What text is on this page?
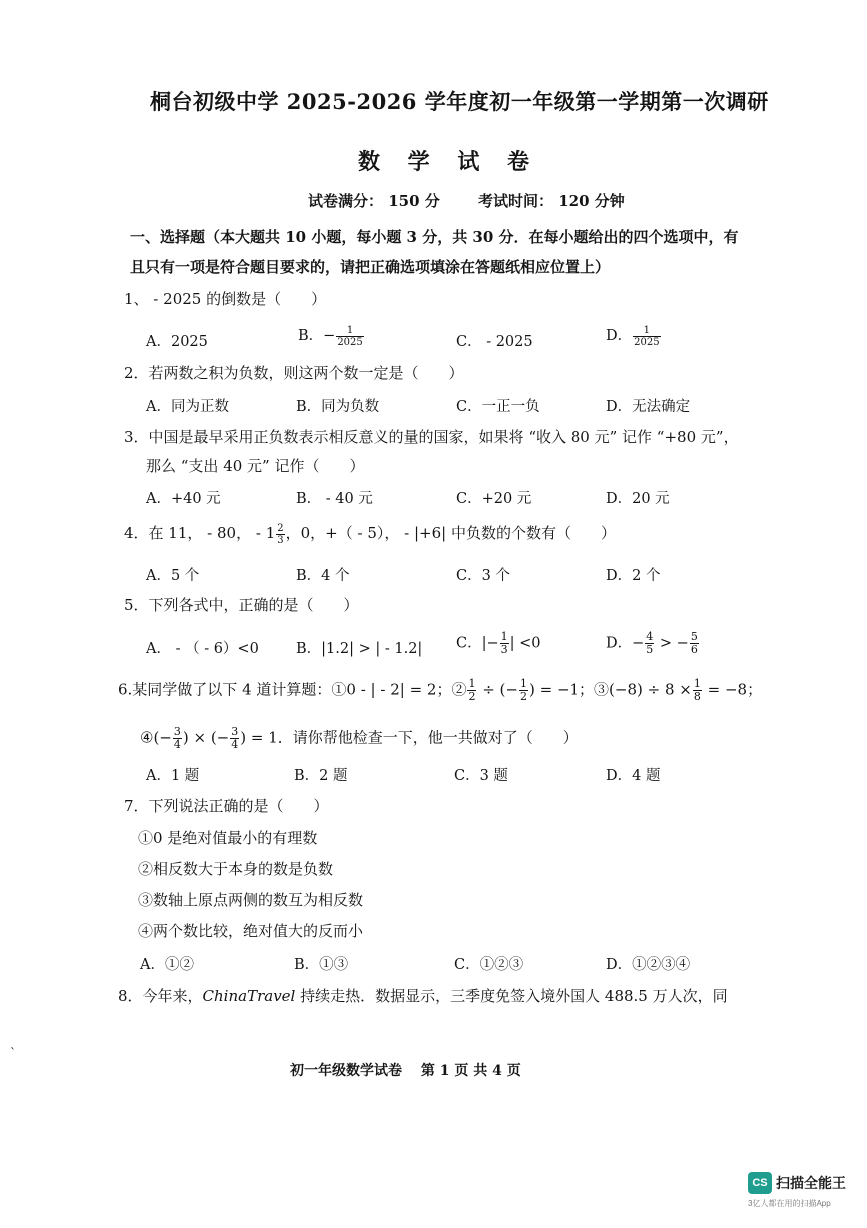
桐台初级中学 2025-2026 学年度初一年级第一学期第一次调研
数 学 试 卷
试卷满分： 150 分	考试时间： 120 分钟
一、选择题（本大题共 10 小题，每小题 3 分，共 30 分．在每小题给出的四个选项中，有
且只有一项是符合题目要求的，请把正确选项填涂在答题纸相应位置上）
1、 - 2025 的倒数是（　　）
A．2025	B．− $\frac{1}{2025}$	C． - 2025	D． $\frac{1}{2025}$
2．若两数之积为负数，则这两个数一定是（　　）
A．同为正数	B．同为负数	C．一正一负	D．无法确定
3．中国是最早采用正负数表示相反意义的量的国家，如果将 “收入 80 元” 记作 “+80 元”，
那么 “支出 40 元” 记作（　　）
A．+40 元	B． - 40 元	C．+20 元	D．20 元
4．在 11， - 80， - $1 \frac{2}{3}$ ，0，+（ - 5）， - |+6| 中负数的个数有（　　）
A．5 个	B．4 个	C．3 个	D．2 个
5．下列各式中，正确的是（　　）
A． - （ - 6）<0	B．|1.2| > | - 1.2| C．|− $\frac{1}{3}$ | <0	D．− $\frac{4}{5}$ > − $\frac{5}{6}$
6.某同学做了以下 4 道计算题：①0 - | - 2| = 2；② $\frac{1}{2}$ ÷ (− $\frac{1}{2}$ ) = −1；③(−8) ÷ $8 \times \frac{1}{8} = -8$；
④(− $\frac{3}{4}$ ) × (− $\frac{3}{4}$ ) = 1．请你帮他检查一下，他一共做对了（　　）
A．1 题	B．2 题	C．3 题	D．4 题
7．下列说法正确的是（　　）
①0 是绝对值最小的有理数
②相反数大于本身的数是负数
③数轴上原点两侧的数互为相反数
④两个数比较，绝对值大的反而小
A．①②	B．①③	C．①②③	D．①②③④
8．今年来，ChinaTravel 持续走热．数据显示，三季度免签入境外国人 488.5 万人次，同
`
初一年级数学试卷　 第 1 页 共 4 页
CS 扫描全能王
3亿人都在用的扫描App
